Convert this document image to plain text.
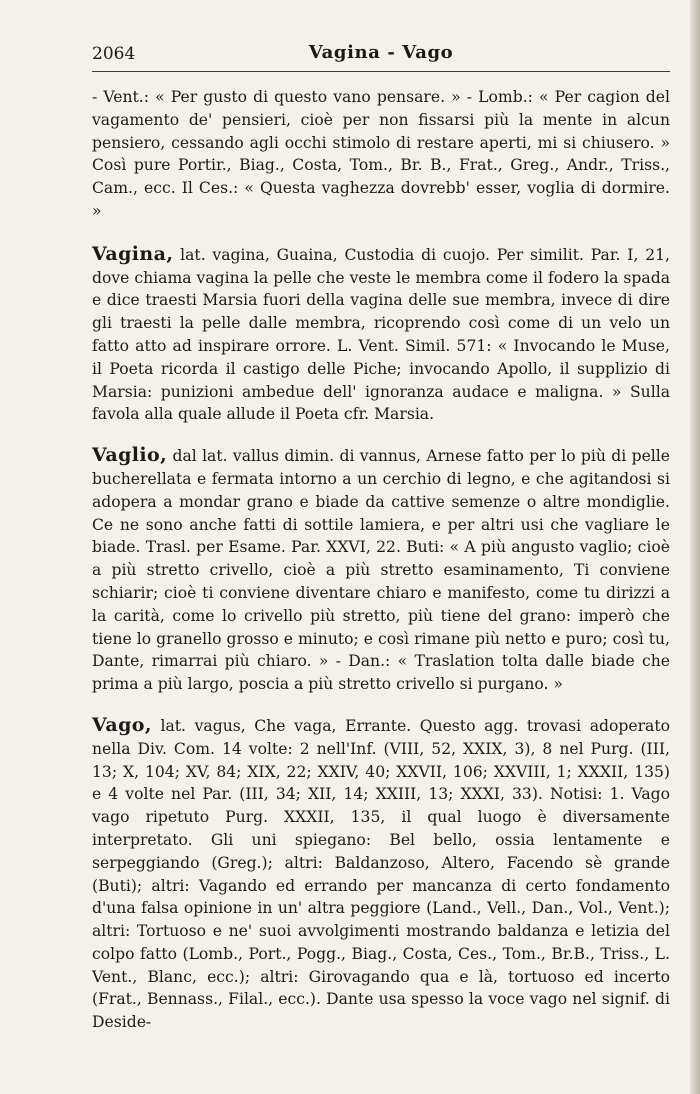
2064	Vagina - Vago

- Vent.: « Per gusto di questo vano pensare. » - Lomb.: « Per cagion del vagamento de' pensieri, cioè per non fissarsi più la mente in alcun pensiero, cessando agli occhi stimolo di restare aperti, mi si chiusero. » Così pure Portir., Biag., Costa, Tom., Br. B., Frat., Greg., Andr., Triss., Cam., ecc. Il Ces.: « Questa vaghezza dovrebb' esser, voglia di dormire. »

Vagina, lat. vagina, Guaina, Custodia di cuojo. Per similit. Par. I, 21, dove chiama vagina la pelle che veste le membra come il fodero la spada e dice traesti Marsia fuori della vagina delle sue membra, invece di dire gli traesti la pelle dalle membra, ricoprendo così come di un velo un fatto atto ad inspirare orrore. L. Vent. Simil. 571: « Invocando le Muse, il Poeta ricorda il castigo delle Piche; invocando Apollo, il supplizio di Marsia: punizioni ambedue dell' ignoranza audace e maligna. » Sulla favola alla quale allude il Poeta cfr. Marsia.

Vaglio, dal lat. vallus dimin. di vannus, Arnese fatto per lo più di pelle bucherellata e fermata intorno a un cerchio di legno, e che agitandosi si adopera a mondar grano e biade da cattive semenze o altre mondiglie. Ce ne sono anche fatti di sottile lamiera, e per altri usi che vagliare le biade. Trasl. per Esame. Par. XXVI, 22. Buti: « A più angusto vaglio; cioè a più stretto crivello, cioè a più stretto esaminamento, Ti conviene schiarir; cioè ti conviene diventare chiaro e manifesto, come tu dirizzi a la carità, come lo crivello più stretto, più tiene del grano: imperò che tiene lo granello grosso e minuto; e così rimane più netto e puro; così tu, Dante, rimarrai più chiaro. » - Dan.: « Traslation tolta dalle biade che prima a più largo, poscia a più stretto crivello si purgano. »

Vago, lat. vagus, Che vaga, Errante. Questo agg. trovasi adoperato nella Div. Com. 14 volte: 2 nell'Inf. (VIII, 52, XXIX, 3), 8 nel Purg. (III, 13; X, 104; XV, 84; XIX, 22; XXIV, 40; XXVII, 106; XXVIII, 1; XXXII, 135) e 4 volte nel Par. (III, 34; XII, 14; XXIII, 13; XXXI, 33). Notisi: 1. Vago vago ripetuto Purg. XXXII, 135, il qual luogo è diversamente interpretato. Gli uni spiegano: Bel bello, ossia lentamente e serpeggiando (Greg.); altri: Baldanzoso, Altero, Facendo sè grande (Buti); altri: Vagando ed errando per mancanza di certo fondamento d'una falsa opinione in un' altra peggiore (Land., Vell., Dan., Vol., Vent.); altri: Tortuoso e ne' suoi avvolgimenti mostrando baldanza e letizia del colpo fatto (Lomb., Port., Pogg., Biag., Costa, Ces., Tom., Br.B., Triss., L. Vent., Blanc, ecc.); altri: Girovagando qua e là, tortuoso ed incerto (Frat., Bennass., Filal., ecc.). Dante usa spesso la voce vago nel signif. di Deside-
